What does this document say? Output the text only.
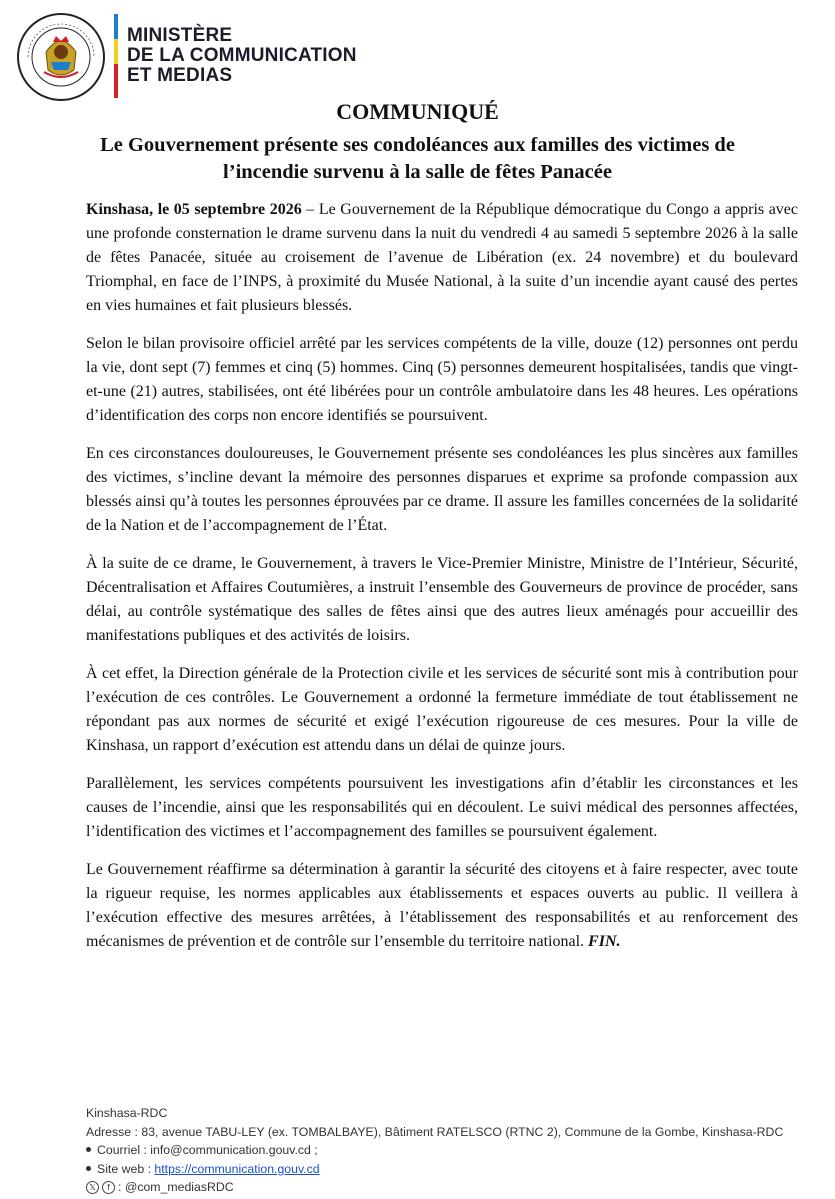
MINISTÈRE
DE LA COMMUNICATION
ET MEDIAS
COMMUNIQUÉ
Le Gouvernement présente ses condoléances aux familles des victimes de l’incendie survenu à la salle de fêtes Panacée

Kinshasa, le 05 septembre 2026 – Le Gouvernement de la République démocratique du Congo a appris avec une profonde consternation le drame survenu dans la nuit du vendredi 4 au samedi 5 septembre 2026 à la salle de fêtes Panacée, située au croisement de l’avenue de Libération (ex. 24 novembre) et du boulevard Triomphal, en face de l’INPS, à proximité du Musée National, à la suite d’un incendie ayant causé des pertes en vies humaines et fait plusieurs blessés.

Selon le bilan provisoire officiel arrêté par les services compétents de la ville, douze (12) personnes ont perdu la vie, dont sept (7) femmes et cinq (5) hommes. Cinq (5) personnes demeurent hospitalisées, tandis que vingt-et-une (21) autres, stabilisées, ont été libérées pour un contrôle ambulatoire dans les 48 heures. Les opérations d’identification des corps non encore identifiés se poursuivent.

En ces circonstances douloureuses, le Gouvernement présente ses condoléances les plus sincères aux familles des victimes, s’incline devant la mémoire des personnes disparues et exprime sa profonde compassion aux blessés ainsi qu’à toutes les personnes éprouvées par ce drame. Il assure les familles concernées de la solidarité de la Nation et de l’accompagnement de l’État.

À la suite de ce drame, le Gouvernement, à travers le Vice-Premier Ministre, Ministre de l’Intérieur, Sécurité, Décentralisation et Affaires Coutumières, a instruit l’ensemble des Gouverneurs de province de procéder, sans délai, au contrôle systématique des salles de fêtes ainsi que des autres lieux aménagés pour accueillir des manifestations publiques et des activités de loisirs.

À cet effet, la Direction générale de la Protection civile et les services de sécurité sont mis à contribution pour l’exécution de ces contrôles. Le Gouvernement a ordonné la fermeture immédiate de tout établissement ne répondant pas aux normes de sécurité et exigé l’exécution rigoureuse de ces mesures. Pour la ville de Kinshasa, un rapport d’exécution est attendu dans un délai de quinze jours.

Parallèlement, les services compétents poursuivent les investigations afin d’établir les circonstances et les causes de l’incendie, ainsi que les responsabilités qui en découlent. Le suivi médical des personnes affectées, l’identification des victimes et l’accompagnement des familles se poursuivent également.

Le Gouvernement réaffirme sa détermination à garantir la sécurité des citoyens et à faire respecter, avec toute la rigueur requise, les normes applicables aux établissements et espaces ouverts au public. Il veillera à l’exécution effective des mesures arrêtées, à l’établissement des responsabilités et au renforcement des mécanismes de prévention et de contrôle sur l’ensemble du territoire national. FIN.

Kinshasa-RDC
Adresse : 83, avenue TABU-LEY (ex. TOMBALBAYE), Bâtiment RATELSCO (RTNC 2), Commune de la Gombe, Kinshasa-RDC
Courriel : info@communication.gouv.cd ;
Site web : https://communication.gouv.cd
𝕏 f : @com_mediasRDC
